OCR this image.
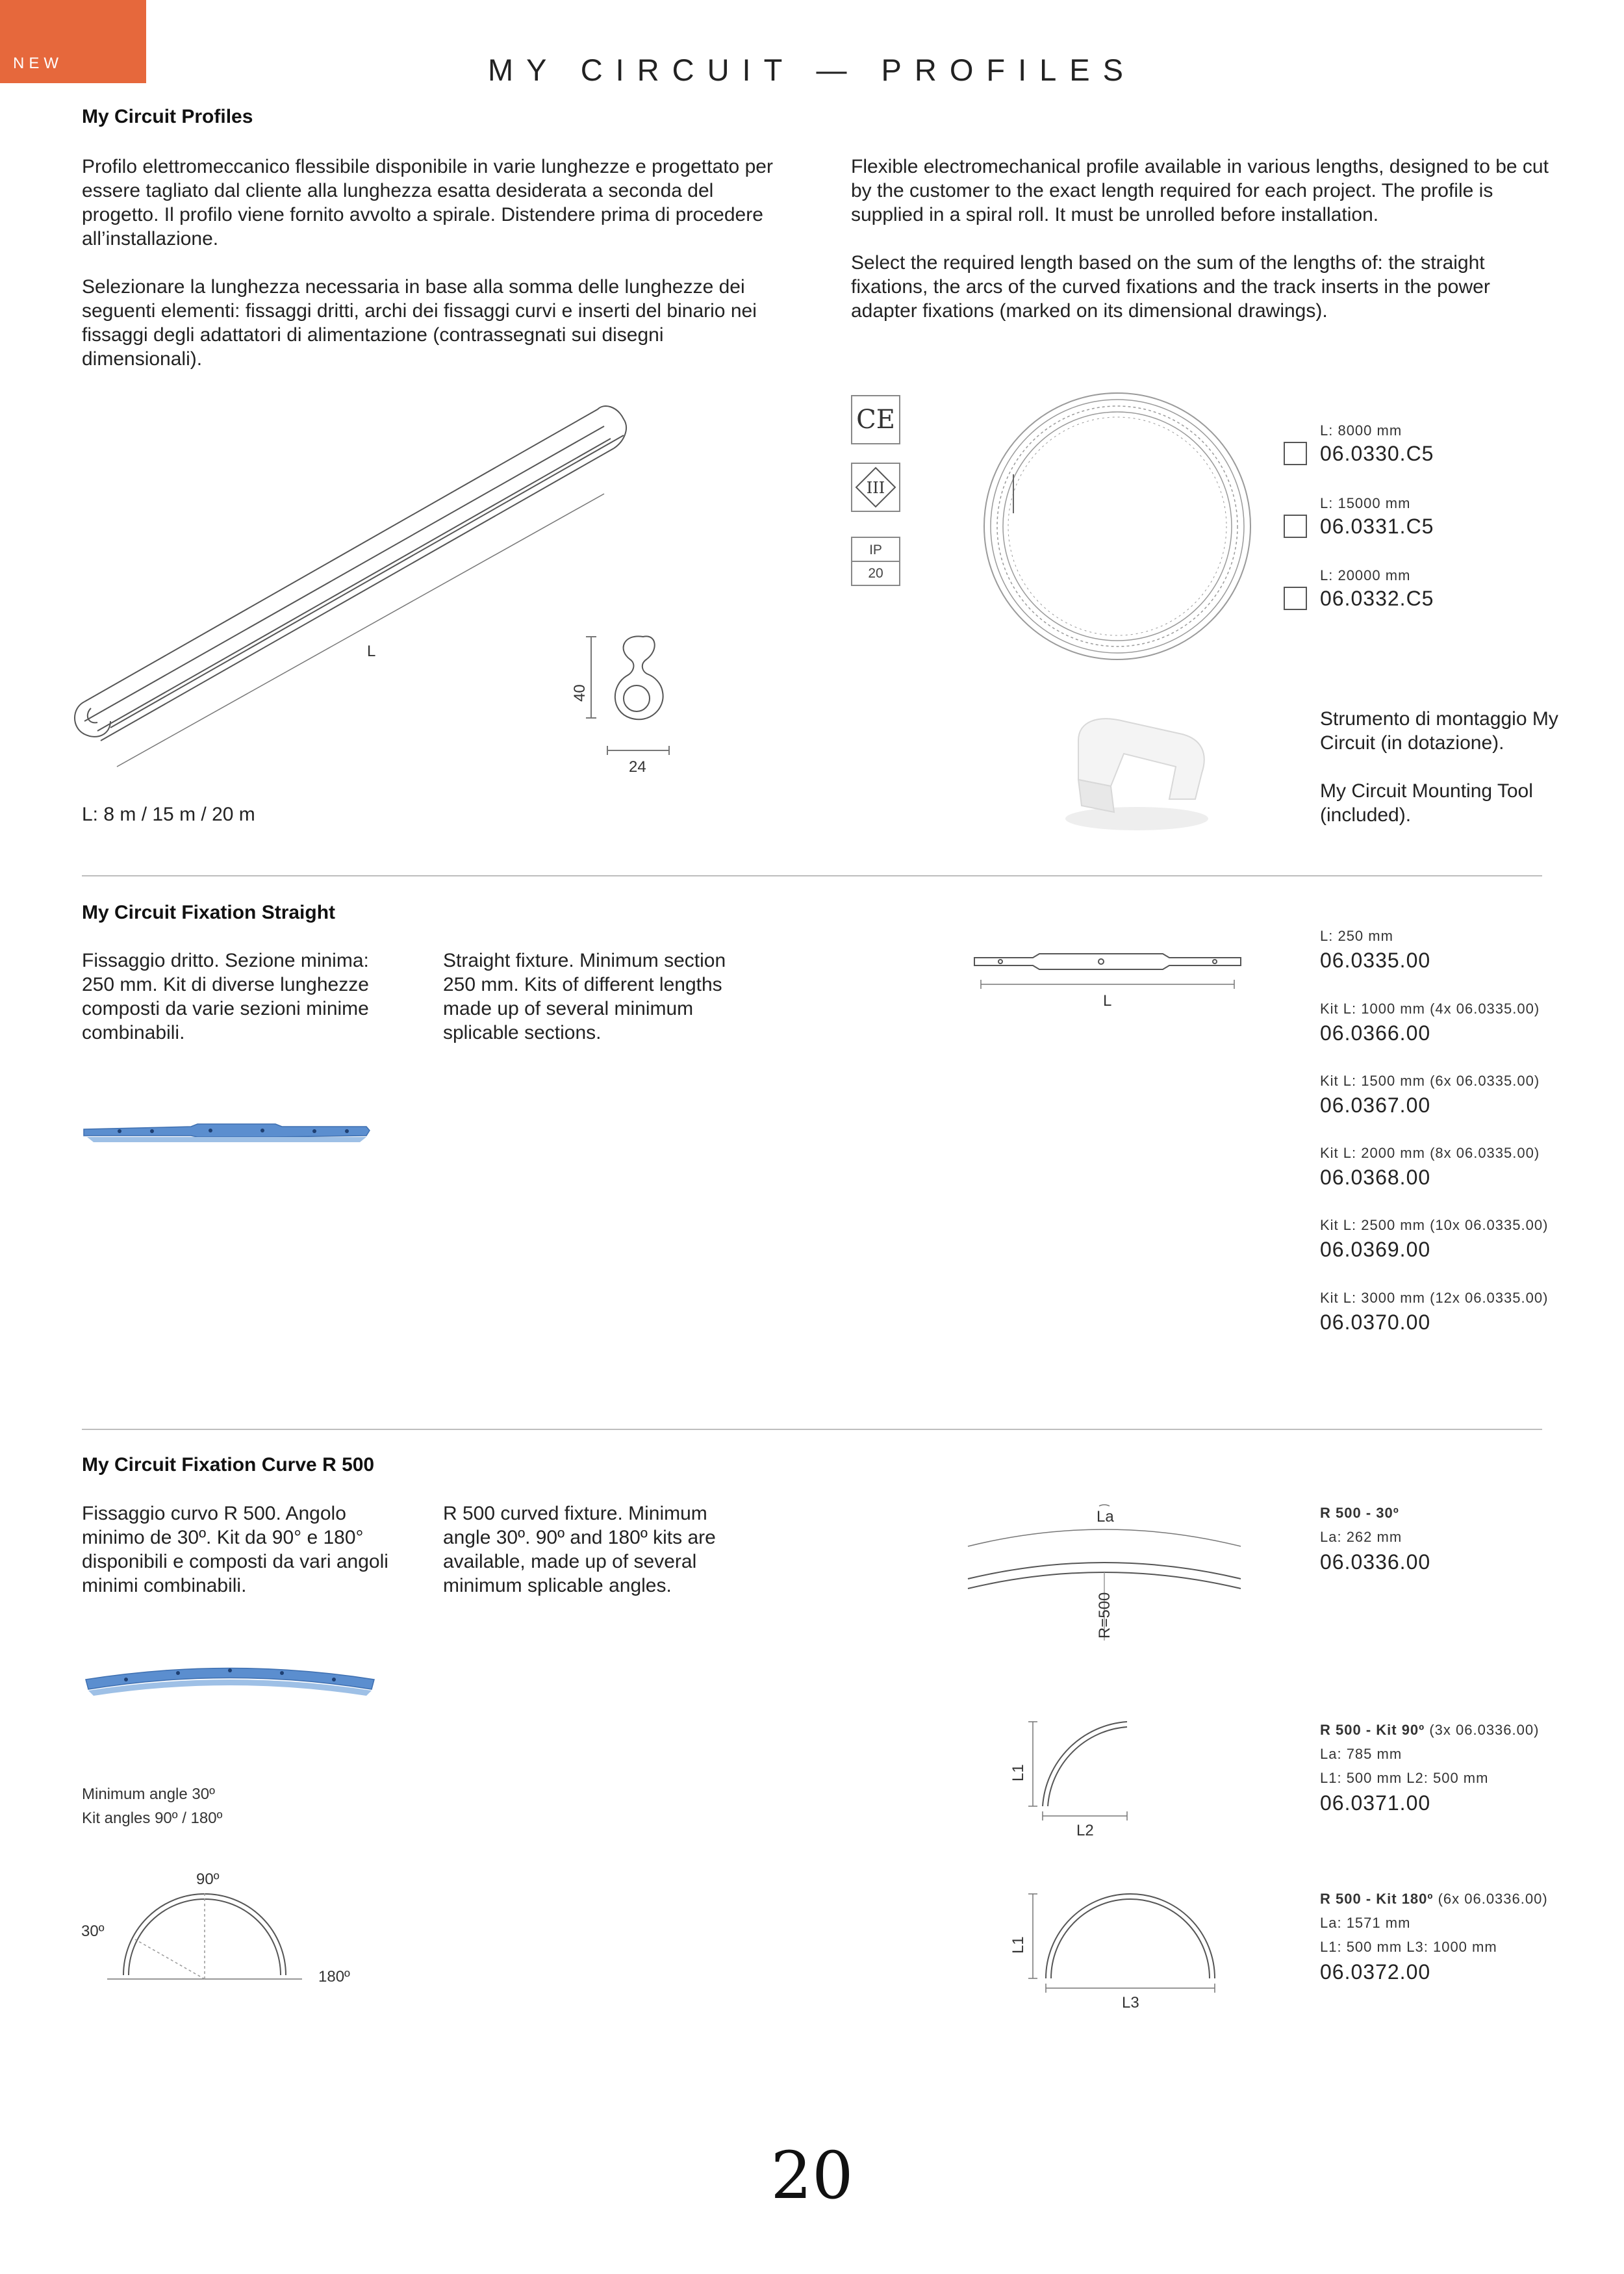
NEW	MY CIRCUIT — PROFILES
My Circuit Profiles
Profilo elettromeccanico flessibile disponibile in varie lunghezze e progettato per essere tagliato dal cliente alla lunghezza esatta desiderata a seconda del progetto. Il profilo viene fornito avvolto a spirale. Distendere prima di procedere all’installazione.
Selezionare la lunghezza necessaria in base alla somma delle lunghezze dei seguenti elementi: fissaggi dritti, archi dei fissaggi curvi e inserti del binario nei fissaggi degli adattatori di alimentazione (contrassegnati sui disegni dimensionali).
Flexible electromechanical profile available in various lengths, designed to be cut by the customer to the exact length required for each project. The profile is supplied in a spiral roll. It must be unrolled before installation.
Select the required length based on the sum of the lengths of: the straight fixations, the arcs of the curved fixations and the track inserts in the power adapter fixations (marked on its dimensional drawings).
L
40
24
L: 8 m / 15 m / 20 m
CE
III
IP
20
L: 8000 mm
06.0330.C5
L: 15000 mm
06.0331.C5
L: 20000 mm
06.0332.C5
Strumento di montaggio My Circuit (in dotazione).
My Circuit Mounting Tool (included).
My Circuit Fixation Straight
Fissaggio dritto. Sezione minima: 250 mm. Kit di diverse lunghezze composti da varie sezioni minime combinabili.
Straight fixture. Minimum section 250 mm. Kits of different lengths made up of several minimum splicable sections.
L
L: 250 mm
06.0335.00
Kit L: 1000 mm (4x 06.0335.00)
06.0366.00
Kit L: 1500 mm (6x 06.0335.00)
06.0367.00
Kit L: 2000 mm (8x 06.0335.00)
06.0368.00
Kit L: 2500 mm (10x 06.0335.00)
06.0369.00
Kit L: 3000 mm (12x 06.0335.00)
06.0370.00
My Circuit Fixation Curve R 500
Fissaggio curvo R 500. Angolo minimo de 30º. Kit da 90° e 180° disponibili e composti da vari angoli minimi combinabili.
R 500 curved fixture. Minimum angle 30º. 90º and 180º kits are available, made up of several minimum splicable angles.
Minimum angle 30º
Kit angles 90º / 180º
90º
30º
180º
La
R=500
L1
L2
L1
L3
R 500 - 30º
La: 262 mm
06.0336.00
R 500 - Kit 90º (3x 06.0336.00)
La: 785 mm
L1: 500 mm L2: 500 mm
06.0371.00
R 500 - Kit 180º (6x 06.0336.00)
La: 1571 mm
L1: 500 mm L3: 1000 mm
06.0372.00
20
